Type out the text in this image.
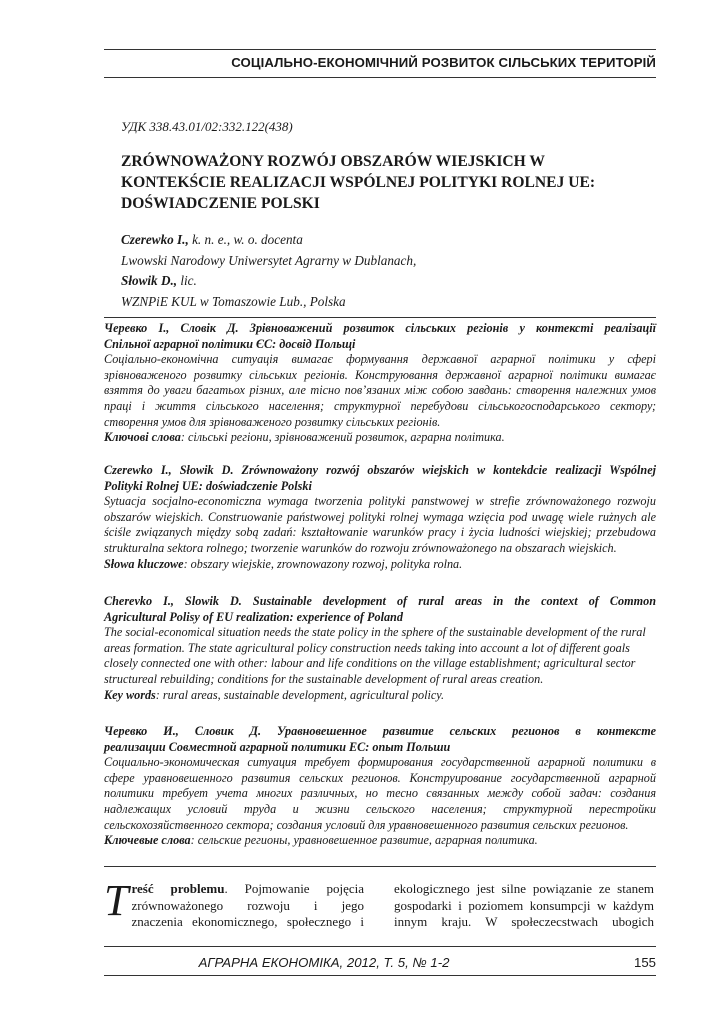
СОЦІАЛЬНО-ЕКОНОМІЧНИЙ РОЗВИТОК СІЛЬСЬКИХ ТЕРИТОРІЙ
УДК 338.43.01/02:332.122(438)
ZRÓWNOWAŻONY ROZWÓJ OBSZARÓW WIEJSKICH W
KONTEKŚCIE REALIZACJI WSPÓLNEJ POLITYKI ROLNEJ UE:
DOŚWIADCZENIE POLSKI
Czerewko I., k. n. e., w. o. docenta
Lwowski Narodowy Uniwersytet Agrarny w Dublanach,
Słowik D., lic.
WZNPiE KUL w Tomaszowie Lub., Polska
Черевко І., Словік Д. Зрівноважений розвиток сільських регіонів у контексті реалізації
Спільної аграрної політики ЄС: досвід Польщі

Соціально-економічна ситуація вимагає формування державної аграрної політики у сфері зрівноваженого розвитку сільських регіонів. Конструювання державної аграрної політики вимагає взяття до уваги багатьох різних, але тісно пов’язаних між собою завдань: створення належних умов праці і життя сільського населення; структурної перебудови сільськогосподарського сектору; створення умов для зрівноваженого розвитку сільських регіонів.

Ключові слова: сільські регіони, зрівноважений розвиток, аграрна політика.

Czerewko I., Słowik D. Zrównoważony rozwój obszarów wiejskich w kontekdcie realizacji Wspólnej
Polityki Rolnej UE: doświadczenie Polski

Sytuacja socjalno-economiczna wymaga tworzenia polityki panstwowej w strefie zrównoważonego rozwoju obszarów wiejskich. Construowanie państwowej polityki rolnej wymaga wzięcia pod uwagę wiele rużnych ale ściśle związanych między sobą zadań: kształtowanie warunków pracy i życia ludności wiejskiej; przebudowa strukturalna sektora rolnego; tworzenie warunków do rozwoju zrównoważonego na obszarach wiejskich.

Słowa kluczowe: obszary wiejskie, zrownowazony rozwoj, polityka rolna.

Cherevko I., Slowik D. Sustainable development of rural areas in the context of Common
Agricultural Polisy of EU realization: experience of Poland

The social-economical situation needs the state policy in the sphere of the sustainable development of the rural areas formation. The state agricultural policy construction needs taking into account a lot of different goals closely connected one with other: labour and life conditions on the village establishment; agricultural sector structureal rebuilding; conditions for the sustainable development of rural areas creation.

Key words: rural areas, sustainable development, agricultural policy.

Черевко И., Словик Д. Уравновешенное развитие сельских регионов в контексте
реализации Совместной аграрной политики ЕС: опыт Польши

Социально-экономическая ситуация требует формирования государственной аграрной политики в сфере уравновешенного развития сельских регионов. Конструирование государственной аграрной политики требует учета многих различных, но тесно связанных между собой задач: создания надлежащих условий труда и жизни сельского населения; структурной перестройки сельскохозяйственного сектора; создания условий для уравновешенного развития сельских регионов.

Ключевые слова: сельские регионы, уравновешенное развитие, аграрная политика.

T reść problemu. Pojmowanie pojęcia
zrównoważonego rozwoju i jego
znaczenia ekonomicznego, społecznego i
ekologicznego jest silne powiązanie ze stanem
gospodarki i poziomem konsumpcji w każdym
innym kraju. W społeczecstwach ubogich
АГРАРНА ЕКОНОМІКА, 2012, Т. 5, № 1-2	155
